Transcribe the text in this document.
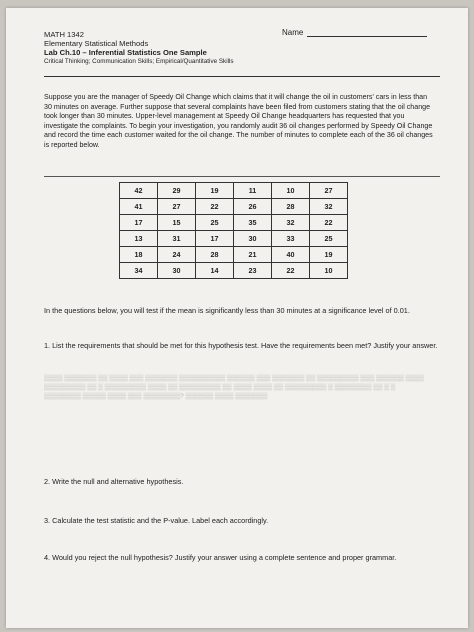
Name
MATH 1342
Elementary Statistical Methods
Lab Ch.10 – Inferential Statistics One Sample
Critical Thinking; Communication Skills; Empirical/Quantitative Skills
Suppose you are the manager of Speedy Oil Change which claims that it will change the oil in customers' cars in less than 30 minutes on average. Further suppose that several complaints have been filed from customers stating that the oil change took longer than 30 minutes. Upper-level management at Speedy Oil Change headquarters has requested that you investigate the complaints. To begin your investigation, you randomly audit 36 oil changes performed by Speedy Oil Change and record the time each customer waited for the oil change. The number of minutes to complete each of the 36 oil changes is reported below.
42	29	19	11	10	27
41	27	22	26	28	32
17	15	25	35	32	22
13	31	17	30	33	25
18	24	28	21	40	19
34	30	14	23	22	10
In the questions below, you will test if the mean is significantly less than 30 minutes at a significance level of 0.01.
1. List the requirements that should be met for this hypothesis test. Have the requirements been met? Justify your answer.
▒▒▒▒ ▒▒▒▒▒▒▒ ▒▒ ▒▒▒▒ ▒▒▒ ▒▒▒▒▒▒▒ ▒▒▒▒▒▒▒▒▒▒ ▒▒▒▒▒▒ ▒▒▒ ▒▒▒▒▒▒▒ ▒▒ ▒▒▒▒▒▒▒▒▒ ▒▒▒ ▒▒▒▒▒▒ ▒▒▒▒
▒▒▒▒▒▒▒▒▒ ▒▒ ▒ ▒▒▒▒▒▒▒▒▒ ▒▒▒▒ ▒▒ ▒▒▒▒▒▒▒▒▒ ▒▒ ▒▒▒▒ ▒▒▒▒ ▒▒ ▒▒▒▒▒▒▒▒▒ ▒ ▒▒▒▒▒▒▒▒ ▒▒ ▒ ▒
▒▒▒▒▒▒▒▒ ▒▒▒▒▒ ▒▒▒▒ ▒▒▒ ▒▒▒▒▒▒▒▒? ▒▒▒▒▒▒ ▒▒▒▒ ▒▒▒▒▒▒▒
2. Write the null and alternative hypothesis.
3. Calculate the test statistic and the P-value. Label each accordingly.
4. Would you reject the null hypothesis? Justify your answer using a complete sentence and proper grammar.
